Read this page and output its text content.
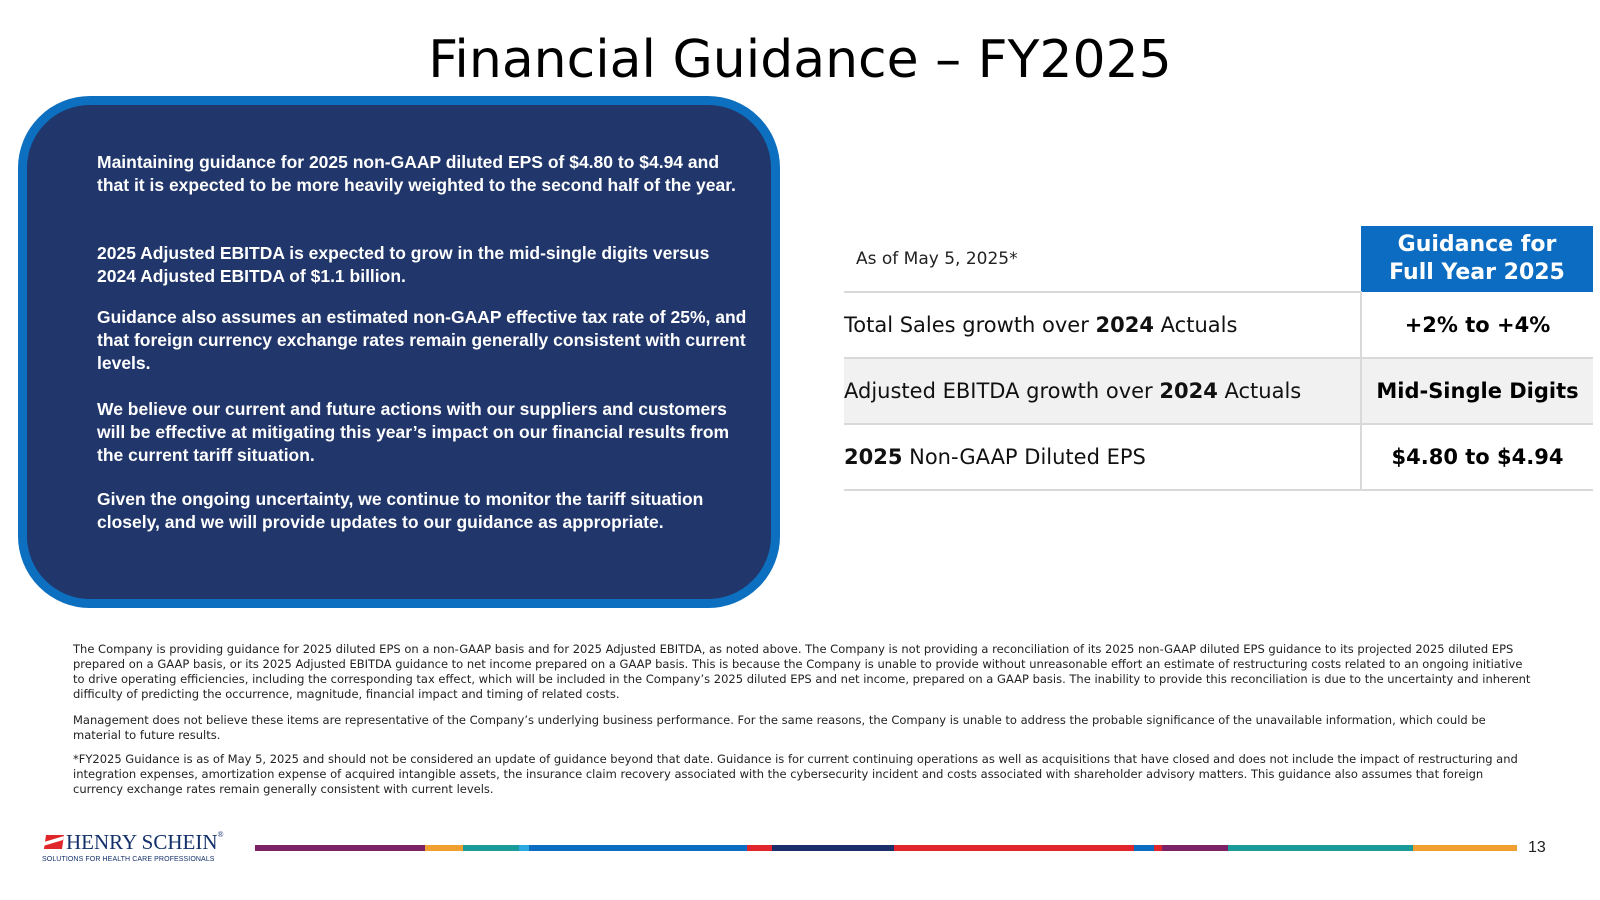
Financial Guidance – FY2025

Maintaining guidance for 2025 non-GAAP diluted EPS of $4.80 to $4.94 and that it is expected to be more heavily weighted to the second half of the year.

2025 Adjusted EBITDA is expected to grow in the mid-single digits versus 2024 Adjusted EBITDA of $1.1 billion.

Guidance also assumes an estimated non-GAAP effective tax rate of 25%, and that foreign currency exchange rates remain generally consistent with current levels.

We believe our current and future actions with our suppliers and customers will be effective at mitigating this year’s impact on our financial results from the current tariff situation.

Given the ongoing uncertainty, we continue to monitor the tariff situation closely, and we will provide updates to our guidance as appropriate.

As of May 5, 2025*	Guidance for
Full Year 2025

Total Sales growth over 2024 Actuals	+2% to +4%
Adjusted EBITDA growth over 2024 Actuals	Mid-Single Digits
2025 Non-GAAP Diluted EPS	$4.80 to $4.94

The Company is providing guidance for 2025 diluted EPS on a non-GAAP basis and for 2025 Adjusted EBITDA, as noted above. The Company is not providing a reconciliation of its 2025 non-GAAP diluted EPS guidance to its projected 2025 diluted EPS prepared on a GAAP basis, or its 2025 Adjusted EBITDA guidance to net income prepared on a GAAP basis. This is because the Company is unable to provide without unreasonable effort an estimate of restructuring costs related to an ongoing initiative to drive operating efficiencies, including the corresponding tax effect, which will be included in the Company’s 2025 diluted EPS and net income, prepared on a GAAP basis. The inability to provide this reconciliation is due to the uncertainty and inherent difficulty of predicting the occurrence, magnitude, financial impact and timing of related costs.

Management does not believe these items are representative of the Company’s underlying business performance. For the same reasons, the Company is unable to address the probable significance of the unavailable information, which could be material to future results.

*FY2025 Guidance is as of May 5, 2025 and should not be considered an update of guidance beyond that date. Guidance is for current continuing operations as well as acquisitions that have closed and does not include the impact of restructuring and integration expenses, amortization expense of acquired intangible assets, the insurance claim recovery associated with the cybersecurity incident and costs associated with shareholder advisory matters. This guidance also assumes that foreign currency exchange rates remain generally consistent with current levels.

HENRY SCHEIN®
SOLUTIONS FOR HEALTH CARE PROFESSIONALS
13
